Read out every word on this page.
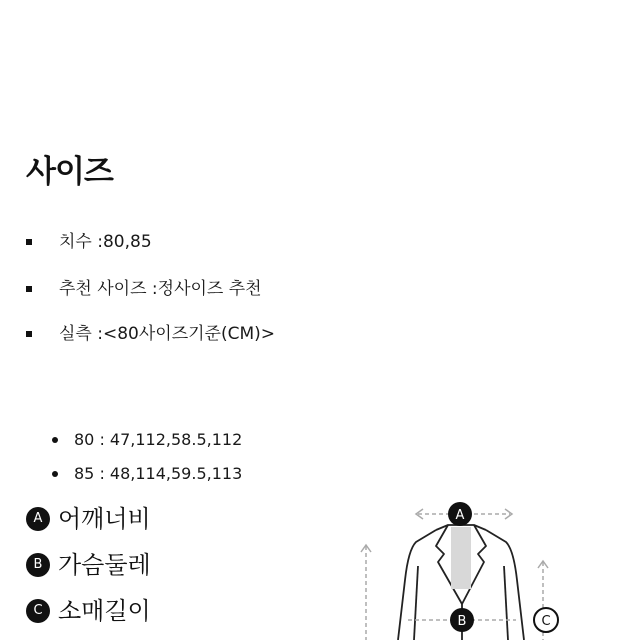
사이즈
치수 :80,85
추천 사이즈 :정사이즈 추천
실측 :<80사이즈기준(CM)>
80 : 47,112,58.5,112
85 : 48,114,59.5,113
A 어깨너비
B 가슴둘레
C 소매길이
A
B	C
